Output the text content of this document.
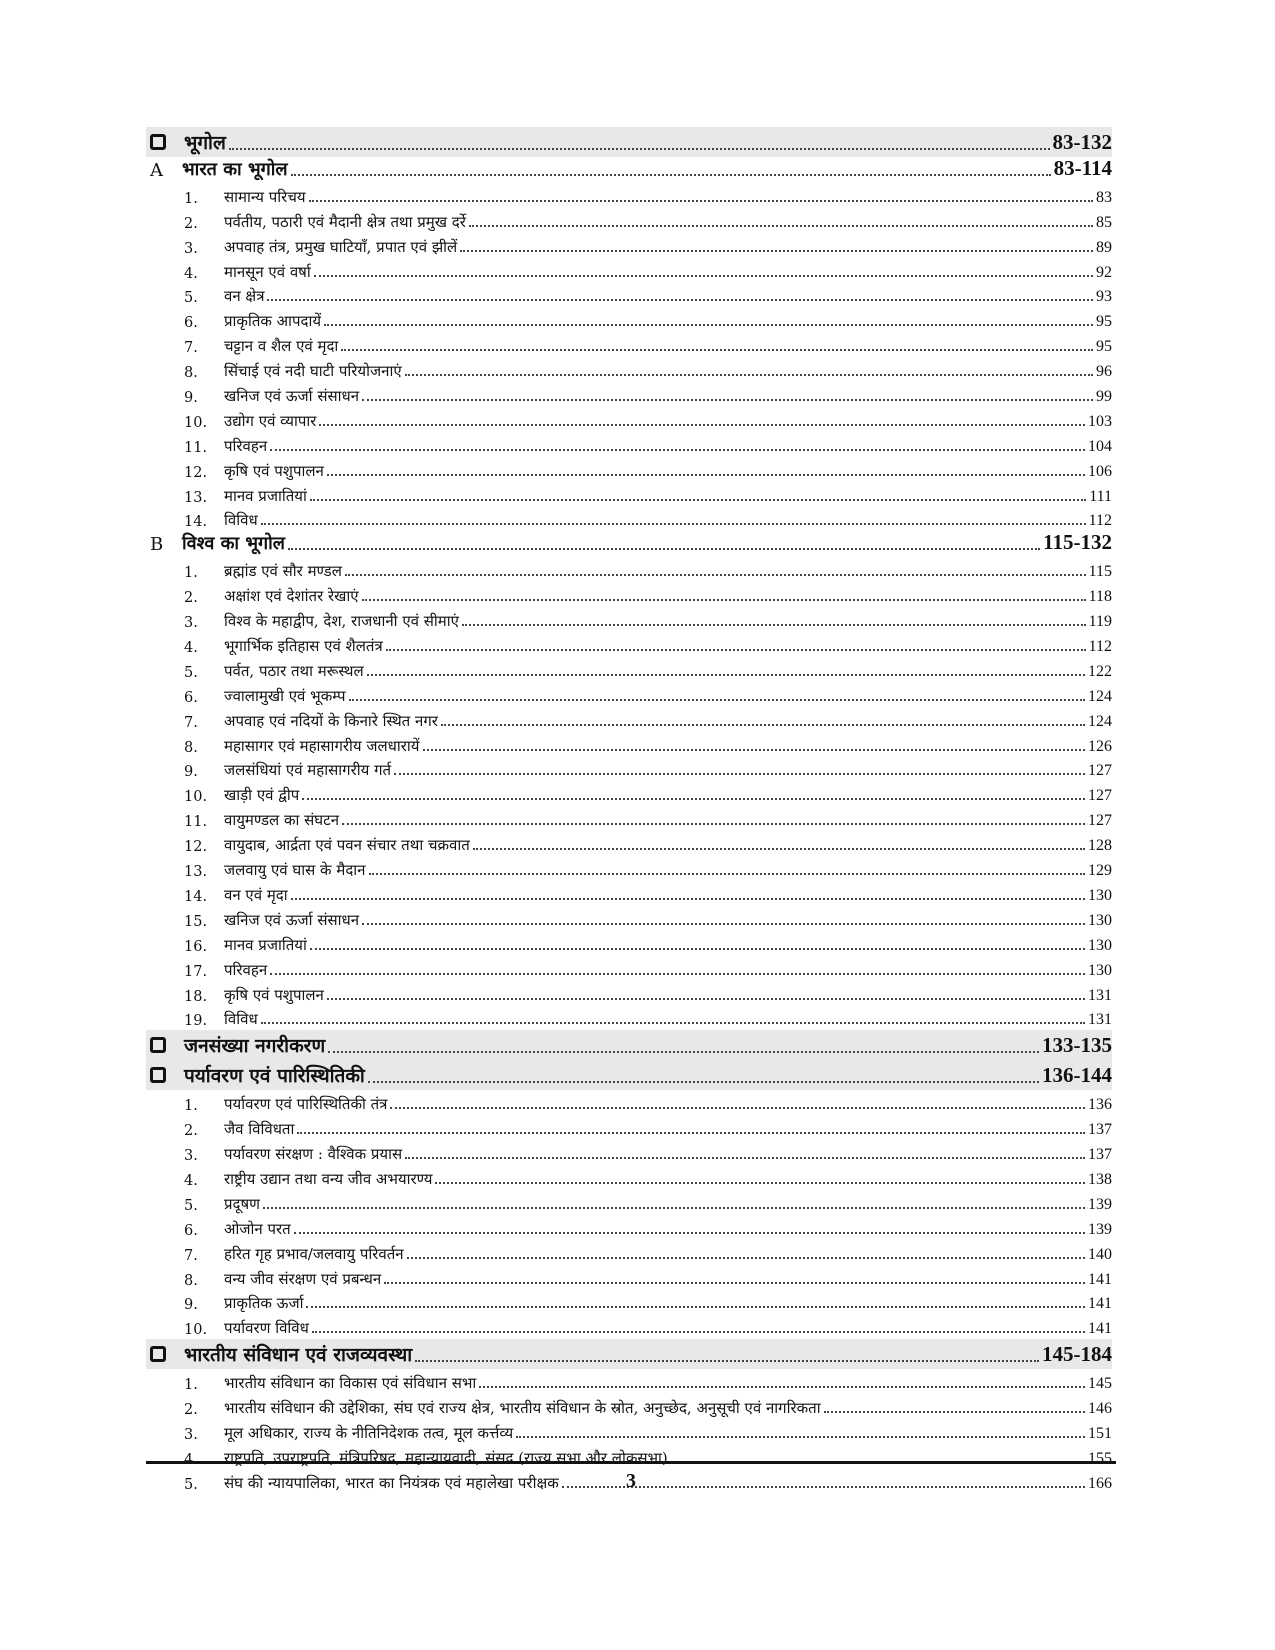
भूगोल	83-132
A	भारत का भूगोल	83-114
1.	सामान्य परिचय	83
2.	पर्वतीय, पठारी एवं मैदानी क्षेत्र तथा प्रमुख दर्रे	85
3.	अपवाह तंत्र, प्रमुख घाटियाँ, प्रपात एवं झीलें	89
4.	मानसून एवं वर्षा	92
5.	वन क्षेत्र	93
6.	प्राकृतिक आपदायें	95
7.	चट्टान व शैल एवं मृदा	95
8.	सिंचाई एवं नदी घाटी परियोजनाएं	96
9.	खनिज एवं ऊर्जा संसाधन	99
10.	उद्योग एवं व्यापार	103
11.	परिवहन	104
12.	कृषि एवं पशुपालन	106
13.	मानव प्रजातियां	111
14.	विविध	112
B	विश्व का भूगोल	115-132
1.	ब्रह्मांड एवं सौर मण्डल	115
2.	अक्षांश एवं देशांतर रेखाएं	118
3.	विश्व के महाद्वीप, देश, राजधानी एवं सीमाएं	119
4.	भूगार्भिक इतिहास एवं शैलतंत्र	112
5.	पर्वत, पठार तथा मरूस्थल	122
6.	ज्वालामुखी एवं भूकम्प	124
7.	अपवाह एवं नदियों के किनारे स्थित नगर	124
8.	महासागर एवं महासागरीय जलधारायें	126
9.	जलसंधियां एवं महासागरीय गर्त	127
10.	खाड़ी एवं द्वीप	127
11.	वायुमण्डल का संघटन	127
12.	वायुदाब, आर्द्रता एवं पवन संचार तथा चक्रवात	128
13.	जलवायु एवं घास के मैदान	129
14.	वन एवं मृदा	130
15.	खनिज एवं ऊर्जा संसाधन	130
16.	मानव प्रजातियां	130
17.	परिवहन	130
18.	कृषि एवं पशुपालन	131
19.	विविध	131
जनसंख्या नगरीकरण	133-135
पर्यावरण एवं पारिस्थितिकी	136-144
1.	पर्यावरण एवं पारिस्थितिकी तंत्र	136
2.	जैव विविधता	137
3.	पर्यावरण संरक्षण : वैश्विक प्रयास	137
4.	राष्ट्रीय उद्यान तथा वन्य जीव अभयारण्य	138
5.	प्रदूषण	139
6.	ओजोन परत	139
7.	हरित गृह प्रभाव/जलवायु परिवर्तन	140
8.	वन्य जीव संरक्षण एवं प्रबन्धन	141
9.	प्राकृतिक ऊर्जा	141
10.	पर्यावरण विविध	141
भारतीय संविधान एवं राजव्यवस्था	145-184
1.	भारतीय संविधान का विकास एवं संविधान सभा	145
2.	भारतीय संविधान की उद्देशिका, संघ एवं राज्य क्षेत्र, भारतीय संविधान के स्रोत, अनुच्छेद, अनुसूची एवं नागरिकता	146
3.	मूल अधिकार, राज्य के नीतिनिदेशक तत्व, मूल कर्त्तव्य	151
4.	राष्ट्रपति, उपराष्ट्रपति, मंत्रिपरिषद, महान्यायवादी, संसद (राज्य सभा और लोकसभा)	155
5.	संघ की न्यायपालिका, भारत का नियंत्रक एवं महालेखा परीक्षक	166
3
